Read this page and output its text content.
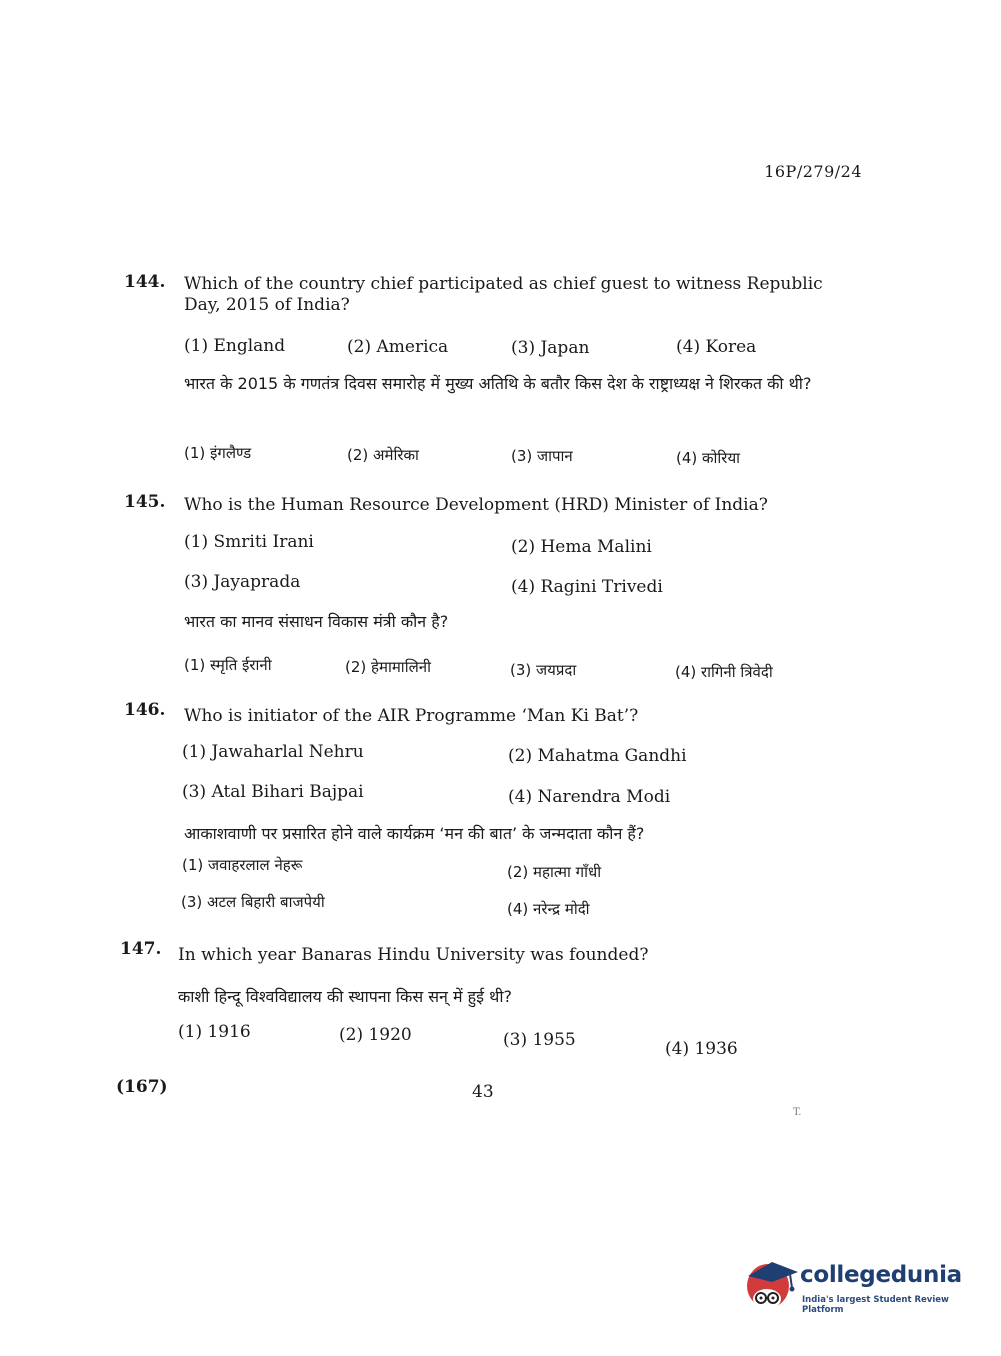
16P/279/24
144. Which of the country chief participated as chief guest to witness Republic Day, 2015 of India?
(1) England	(2) America	(3) Japan	(4) Korea
भारत के 2015 के गणतंत्र दिवस समारोह में मुख्य अतिथि के बतौर किस देश के राष्ट्राध्यक्ष ने शिरकत की थी?
(1) इंगलैण्ड	(2) अमेरिका	(3) जापान	(4) कोरिया
145. Who is the Human Resource Development (HRD) Minister of India?
(1) Smriti Irani	(2) Hema Malini
(3) Jayaprada	(4) Ragini Trivedi
भारत का मानव संसाधन विकास मंत्री कौन है?
(1) स्मृति ईरानी	(2) हेमामालिनी	(3) जयप्रदा	(4) रागिनी त्रिवेदी
146. Who is initiator of the AIR Programme ‘Man Ki Bat’?
(1) Jawaharlal Nehru	(2) Mahatma Gandhi
(3) Atal Bihari Bajpai	(4) Narendra Modi
आकाशवाणी पर प्रसारित होने वाले कार्यक्रम ‘मन की बात’ के जन्मदाता कौन हैं?
(1) जवाहरलाल नेहरू	(2) महात्मा गाँधी
(3) अटल बिहारी बाजपेयी	(4) नरेन्द्र मोदी
147. In which year Banaras Hindu University was founded?
काशी हिन्दू विश्वविद्यालय की स्थापना किस सन् में हुई थी?
(1) 1916	(2) 1920	(3) 1955	(4) 1936
(167)	43
T.
collegedunia
India's largest Student Review Platform
